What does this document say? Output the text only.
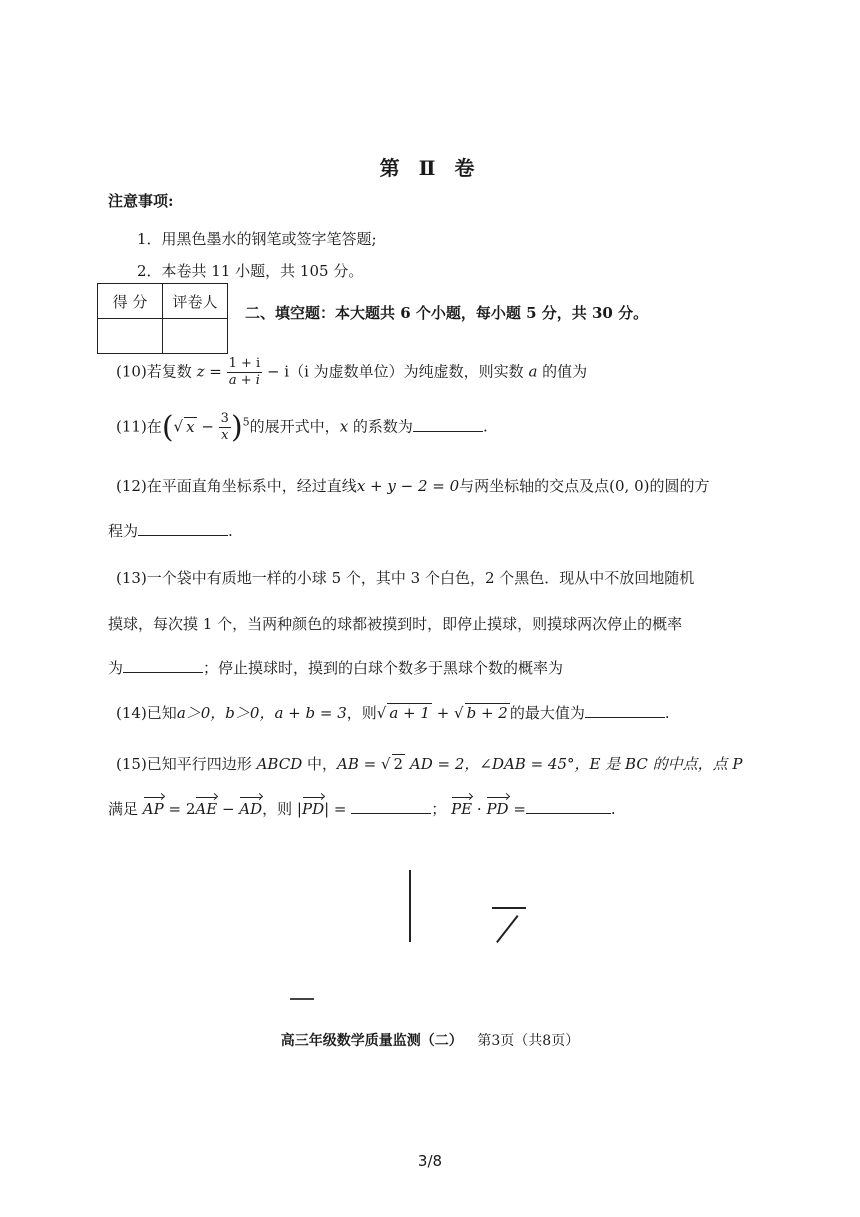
第 Ⅱ 卷
注意事项:
1．用黑色墨水的钢笔或签字笔答题;
2．本卷共 11 小题，共 105 分。
得 分	评卷人

二、填空题：本大题共 6 个小题，每小题 5 分，共 30 分。
(10)若复数 $z = \frac{1 + i}{a + i} - i(i$ 为虚数单位）为纯虚数，则实数 a 的值为
(11)在(√ $x - \frac{3}{x} )^5$的展开式中，x 的系数为	.
(12)在平面直角坐标系中，经过直线x + y − 2 = 0与两坐标轴的交点及点(0, 0)的圆的方
程为	.
(13)一个袋中有质地一样的小球 5 个，其中 3 个白色，2 个黑色．现从中不放回地随机
摸球，每次摸 1 个，当两种颜色的球都被摸到时，即停止摸球，则摸球两次停止的概率
为	；停止摸球时，摸到的白球个数多于黑球个数的概率为
(14)已知a＞0，b＞0，a + b = 3，则√ a + 1 + √ b + 2 的最大值为	.
(15)已知平行四边形 ABCD 中，AB = √ 2 AD = 2，∠DAB = 45°，E 是 BC 的中点，点 P
满足 AP = 2AE − AD，则 |PD| =	； PE · PD =	.
高三年级数学质量监测（二） 第3页（共8页）
3/8
